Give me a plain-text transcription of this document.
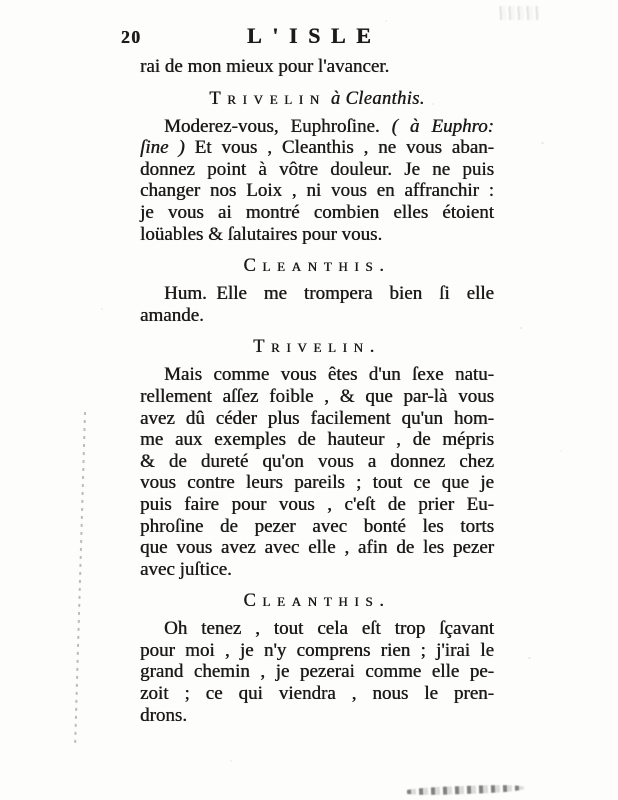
20	L'ISLE
rai de mon mieux pour l'avancer.
Trivelin à Cleanthis.
Moderez-vous, Euphroſine. ( à Euphro:
ſine ) Et vous , Cleanthis , ne vous aban-
donnez point à vôtre douleur. Je ne puis
changer nos Loix , ni vous en affranchir :
je vous ai montré combien elles étoient
loüables & ſalutaires pour vous.
Cleanthis.
Hum. Elle me trompera bien ſi elle
amande.
Trivelin.
Mais comme vous êtes d'un ſexe natu-
rellement aſſez foible , & que par-là vous
avez dû céder plus facilement qu'un hom-
me aux exemples de hauteur , de mépris
& de dureté qu'on vous a donnez chez
vous contre leurs pareils ; tout ce que je
puis faire pour vous , c'eſt de prier Eu-
phroſine de pezer avec bonté les torts
que vous avez avec elle , afin de les pezer
avec juſtice.
Cleanthis.
Oh tenez , tout cela eſt trop ſçavant
pour moi , je n'y comprens rien ; j'irai le
grand chemin , je pezerai comme elle pe-
zoit ; ce qui viendra , nous le pren-
drons.
